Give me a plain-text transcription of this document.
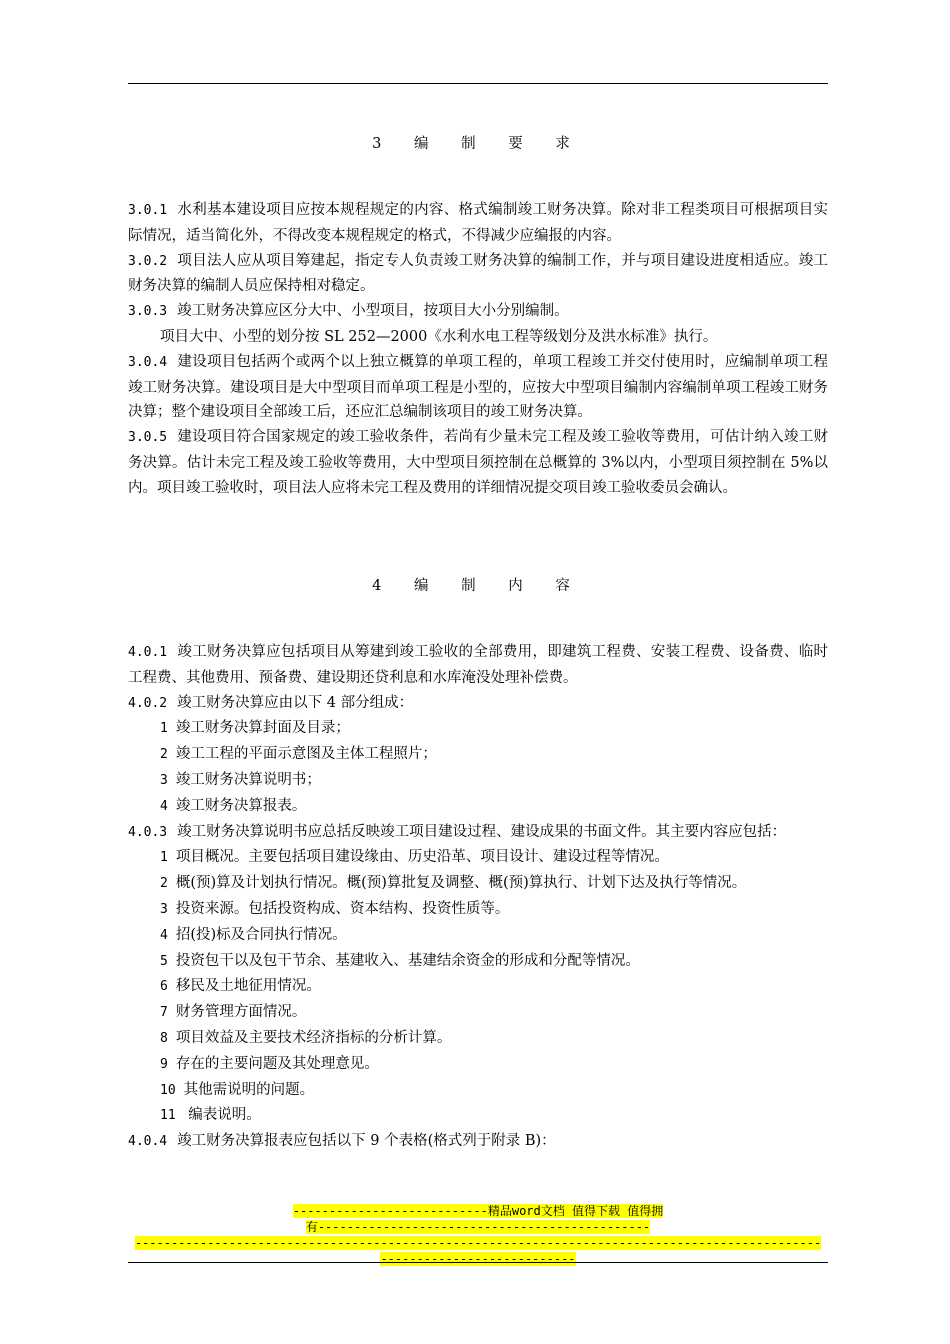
3 编 制 要 求

3.0.1 水利基本建设项目应按本规程规定的内容、格式编制竣工财务决算。除对非工程类项目可根据项目实际情况，适当简化外，不得改变本规程规定的格式，不得减少应编报的内容。

3.0.2 项目法人应从项目筹建起，指定专人负责竣工财务决算的编制工作，并与项目建设进度相适应。竣工财务决算的编制人员应保持相对稳定。

3.0.3 竣工财务决算应区分大中、小型项目，按项目大小分别编制。

项目大中、小型的划分按 SL 252—2000《水利水电工程等级划分及洪水标准》执行。

3.0.4 建设项目包括两个或两个以上独立概算的单项工程的，单项工程竣工并交付使用时，应编制单项工程竣工财务决算。建设项目是大中型项目而单项工程是小型的，应按大中型项目编制内容编制单项工程竣工财务决算；整个建设项目全部竣工后，还应汇总编制该项目的竣工财务决算。

3.0.5 建设项目符合国家规定的竣工验收条件，若尚有少量未完工程及竣工验收等费用，可估计纳入竣工财务决算。估计未完工程及竣工验收等费用，大中型项目须控制在总概算的 3%以内，小型项目须控制在 5%以内。项目竣工验收时，项目法人应将未完工程及费用的详细情况提交项目竣工验收委员会确认。

4 编 制 内 容

4.0.1 竣工财务决算应包括项目从筹建到竣工验收的全部费用，即建筑工程费、安装工程费、设备费、临时工程费、其他费用、预备费、建设期还贷利息和水库淹没处理补偿费。

4.0.2 竣工财务决算应由以下 4 部分组成：

1 竣工财务决算封面及目录；

2 竣工工程的平面示意图及主体工程照片；

3 竣工财务决算说明书；

4 竣工财务决算报表。

4.0.3 竣工财务决算说明书应总括反映竣工项目建设过程、建设成果的书面文件。其主要内容应包括：

1 项目概况。主要包括项目建设缘由、历史沿革、项目设计、建设过程等情况。

2 概(预)算及计划执行情况。概(预)算批复及调整、概(预)算执行、计划下达及执行等情况。

3 投资来源。包括投资构成、资本结构、投资性质等。

4 招(投)标及合同执行情况。

5 投资包干以及包干节余、基建收入、基建结余资金的形成和分配等情况。

6 移民及土地征用情况。

7 财务管理方面情况。

8 项目效益及主要技术经济指标的分析计算。

9 存在的主要问题及其处理意见。

10 其他需说明的问题。

11 编表说明。

4.0.4 竣工财务决算报表应包括以下 9 个表格(格式列于附录 B)：

---------------------------精品word文档 值得下载 值得拥
有----------------------------------------------
-----------------------------------------------------------------------------------------------
---------------------------
